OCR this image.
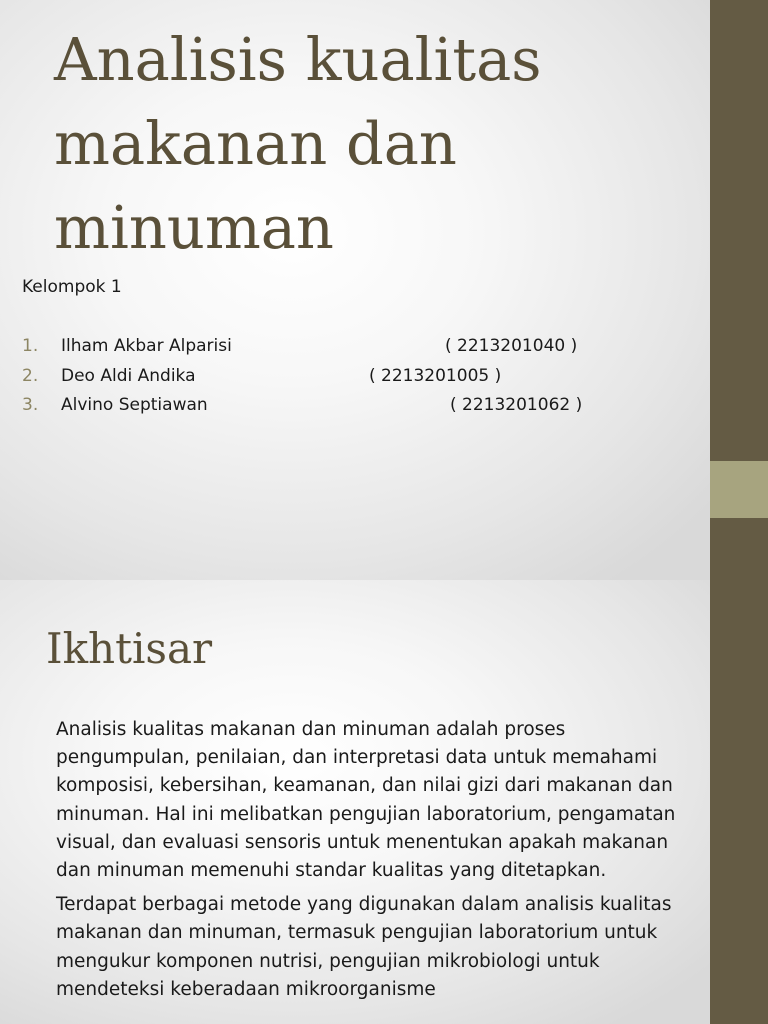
Analisis kualitas makanan dan minuman
Kelompok 1
1. Ilham Akbar Alparisi	( 2213201040 )
2. Deo Aldi Andika	( 2213201005 )
3. Alvino Septiawan	( 2213201062 )
Ikhtisar

Analisis kualitas makanan dan minuman adalah proses pengumpulan, penilaian, dan interpretasi data untuk memahami komposisi, kebersihan, keamanan, dan nilai gizi dari makanan dan minuman. Hal ini melibatkan pengujian laboratorium, pengamatan visual, dan evaluasi sensoris untuk menentukan apakah makanan dan minuman memenuhi standar kualitas yang ditetapkan.

Terdapat berbagai metode yang digunakan dalam analisis kualitas makanan dan minuman, termasuk pengujian laboratorium untuk mengukur komponen nutrisi, pengujian mikrobiologi untuk mendeteksi keberadaan mikroorganisme
